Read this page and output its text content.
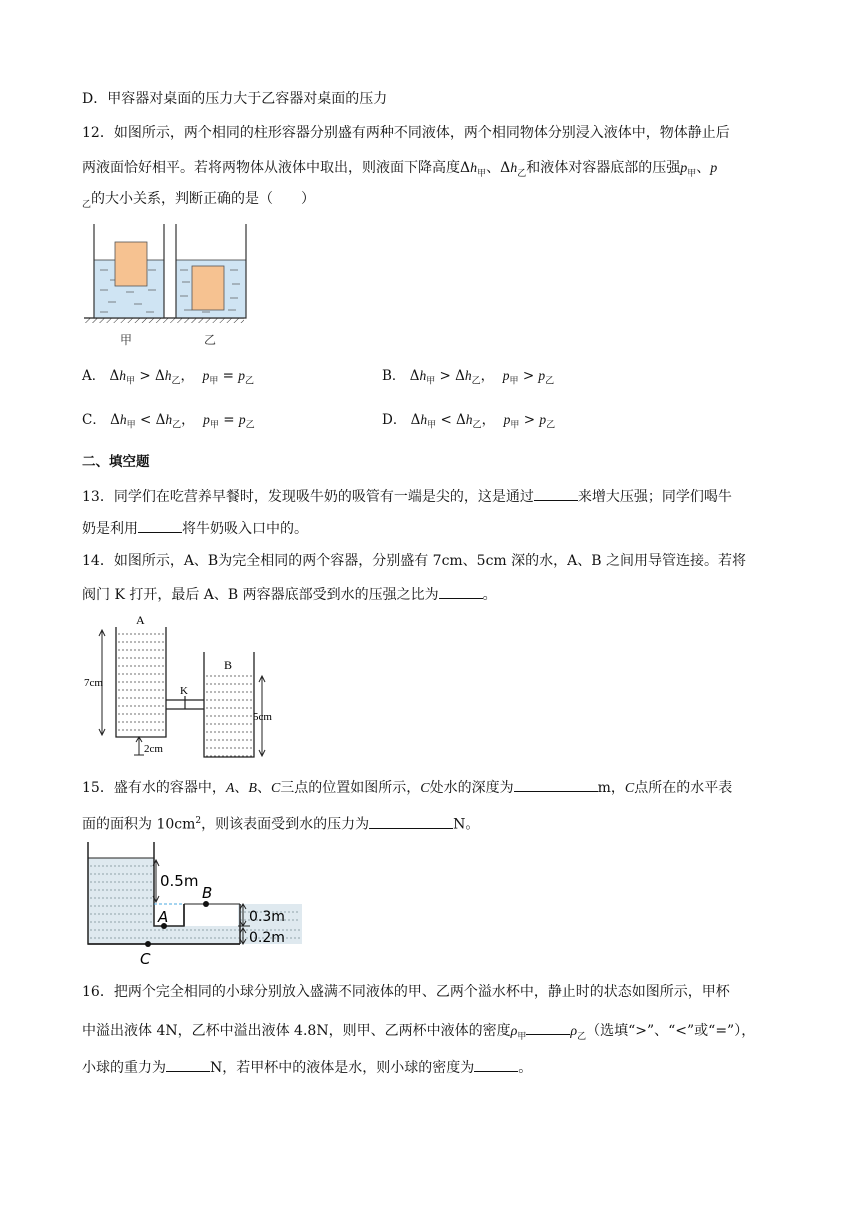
D．甲容器对桌面的压力大于乙容器对桌面的压力
12．如图所示，两个相同的柱形容器分别盛有两种不同液体，两个相同物体分别浸入液体中，物体静止后
两液面恰好相平。若将两物体从液体中取出，则液面下降高度$\Delta h_甲$、$\Delta h_乙$和液体对容器底部的压强$p_甲$、p
$_乙$的大小关系，判断正确的是（　　）
甲	乙
A． $\Delta h_甲 > \Delta h_乙$，  $p_甲 = p_乙$	B． $\Delta h_甲 > \Delta h_乙$，  $p_甲 > p_乙$
C． $\Delta h_甲 < \Delta h_乙$，  $p_甲 = p_乙$	D． $\Delta h_甲 < \Delta h_乙$，  $p_甲 > p_乙$
二、填空题
13．同学们在吃营养早餐时，发现吸牛奶的吸管有一端是尖的，这是通过	来增大压强；同学们喝牛
奶是利用	将牛奶吸入口中的。
14．如图所示，A、B为完全相同的两个容器，分别盛有 7cm、5cm 深的水，A、B 之间用导管连接。若将
阀门 K 打开，最后 A、B 两容器底部受到水的压强之比为	。
A
B
K
7cm
5cm
2cm
15．盛有水的容器中，A、B、C三点的位置如图所示，C处水的深度为	m，C点所在的水平表
面的面积为 $10cm^2$，则该表面受到水的压力为	N。
0.5m
0.3m
0.2m
A
B
C
16．把两个完全相同的小球分别放入盛满不同液体的甲、乙两个溢水杯中，静止时的状态如图所示，甲杯
中溢出液体 4N，乙杯中溢出液体 4.8N，则甲、乙两杯中液体的密度$\rho_甲$	$\rho_乙$（选填“>”、“<”或“=”），
小球的重力为	N，若甲杯中的液体是水，则小球的密度为	。
